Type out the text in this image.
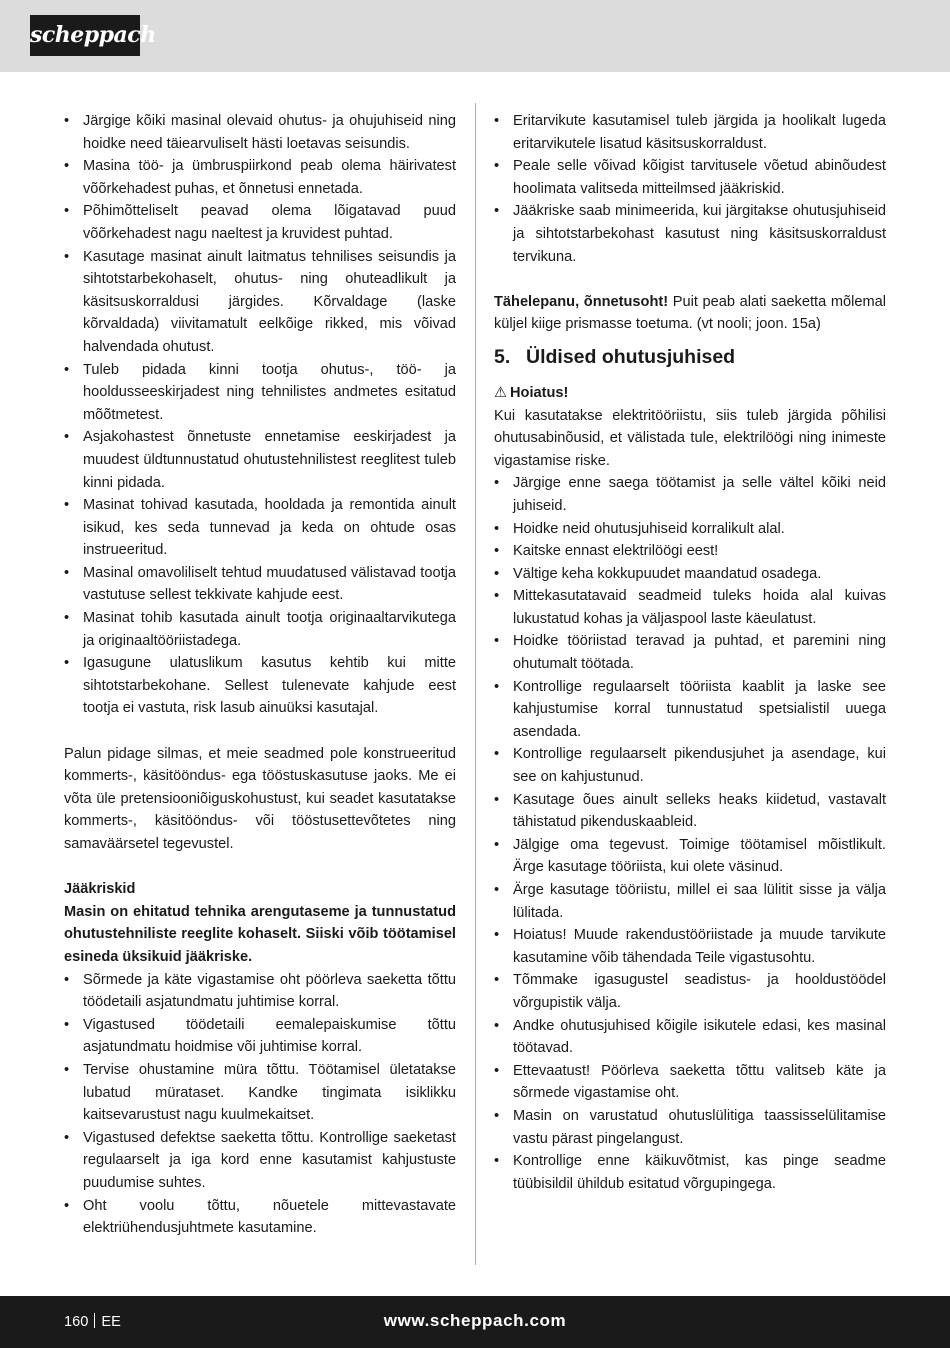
scheppach
• Järgige kõiki masinal olevaid ohutus- ja ohujuhiseid ning hoidke need täiearvuliselt hästi loetavas seisundis.
• Masina töö- ja ümbruspiirkond peab olema häirivatest võõrkehadest puhas, et õnnetusi ennetada.
• Põhimõtteliselt peavad olema lõigatavad puud võõrkehadest nagu naeltest ja kruvidest puhtad.
• Kasutage masinat ainult laitmatus tehnilises seisundis ja sihtotstarbekohaselt, ohutus- ning ohuteadlikult ja käsitsuskorraldusi järgides. Kõrvaldage (laske kõrvaldada) viivitamatult eelkõige rikked, mis võivad halvendada ohutust.
• Tuleb pidada kinni tootja ohutus-, töö- ja hooldusseeskirjadest ning tehnilistes andmetes esitatud mõõtmetest.
• Asjakohastest õnnetuste ennetamise eeskirjadest ja muudest üldtunnustatud ohutustehnilistest reeglitest tuleb kinni pidada.
• Masinat tohivad kasutada, hooldada ja remontida ainult isikud, kes seda tunnevad ja keda on ohtude osas instrueeritud.
• Masinal omavoliliselt tehtud muudatused välistavad tootja vastutuse sellest tekkivate kahjude eest.
• Masinat tohib kasutada ainult tootja originaaltarvikutega ja originaaltööriistadega.
• Igasugune ulatuslikum kasutus kehtib kui mitte sihtotstarbekohane. Sellest tulenevate kahjude eest tootja ei vastuta, risk lasub ainuüksi kasutajal.

Palun pidage silmas, et meie seadmed pole konstrueeritud kommerts-, käsitööndus- ega tööstuskasutuse jaoks. Me ei võta üle pretensiooniõiguskohustust, kui seadet kasutatakse kommerts-, käsitööndus- või tööstusettevõtetes ning samaväärsetel tegevustel.

Jääkriskid

Masin on ehitatud tehnika arengutaseme ja tunnustatud ohutustehniliste reeglite kohaselt. Siiski võib töötamisel esineda üksikuid jääkriske.

• Sõrmede ja käte vigastamise oht pöörleva saeketta tõttu töödetaili asjatundmatu juhtimise korral.
• Vigastused töödetaili eemalepaiskumise tõttu asjatundmatu hoidmise või juhtimise korral.
• Tervise ohustamine müra tõttu. Töötamisel ületatakse lubatud mürataset. Kandke tingimata isiklikku kaitsevarustust nagu kuulmekaitset.
• Vigastused defektse saeketta tõttu. Kontrollige saeketast regulaarselt ja iga kord enne kasutamist kahjustuste puudumise suhtes.
• Oht voolu tõttu, nõuetele mittevastavate elektriühendusjuhtmete kasutamine.
• Eritarvikute kasutamisel tuleb järgida ja hoolikalt lugeda eritarvikutele lisatud käsitsuskorraldust.
• Peale selle võivad kõigist tarvitusele võetud abinõudest hoolimata valitseda mitteilmsed jääkriskid.
• Jääkriske saab minimeerida, kui järgitakse ohutusjuhiseid ja sihtotstarbekohast kasutust ning käsitsuskorraldust tervikuna.

Tähelepanu, õnnetusoht! Puit peab alati saeketta mõlemal küljel kiige prismasse toetuma. (vt nooli; joon. 15a)

5. Üldised ohutusjuhised

⚠ Hoiatus!

Kui kasutatakse elektritööriistu, siis tuleb järgida põhilisi ohutusabinõusid, et välistada tule, elektrilöögi ning inimeste vigastamise riske.

• Järgige enne saega töötamist ja selle vältel kõiki neid juhiseid.
• Hoidke neid ohutusjuhiseid korralikult alal.
• Kaitske ennast elektrilöögi eest!
• Vältige keha kokkupuudet maandatud osadega.
• Mittekasutatavaid seadmeid tuleks hoida alal kuivas lukustatud kohas ja väljaspool laste käeulatust.
• Hoidke tööriistad teravad ja puhtad, et paremini ning ohutumalt töötada.
• Kontrollige regulaarselt tööriista kaablit ja laske see kahjustumise korral tunnustatud spetsialistil uuega asendada.
• Kontrollige regulaarselt pikendusjuhet ja asendage, kui see on kahjustunud.
• Kasutage õues ainult selleks heaks kiidetud, vastavalt tähistatud pikenduskaableid.
• Jälgige oma tegevust. Toimige töötamisel mõistlikult. Ärge kasutage tööriista, kui olete väsinud.
• Ärge kasutage tööriistu, millel ei saa lülitit sisse ja välja lülitada.
• Hoiatus! Muude rakendustööriistade ja muude tarvikute kasutamine võib tähendada Teile vigastusohtu.
• Tõmmake igasugustel seadistus- ja hooldustöödel võrgupistik välja.
• Andke ohutusjuhised kõigile isikutele edasi, kes masinal töötavad.
• Ettevaatust! Pöörleva saeketta tõttu valitseb käte ja sõrmede vigastamise oht.
• Masin on varustatud ohutuslülitiga taassisselülitamise vastu pärast pingelangust.
• Kontrollige enne käikuvõtmist, kas pinge seadme tüübisildil ühildub esitatud võrgupingega.
160 EE	www.scheppach.com
